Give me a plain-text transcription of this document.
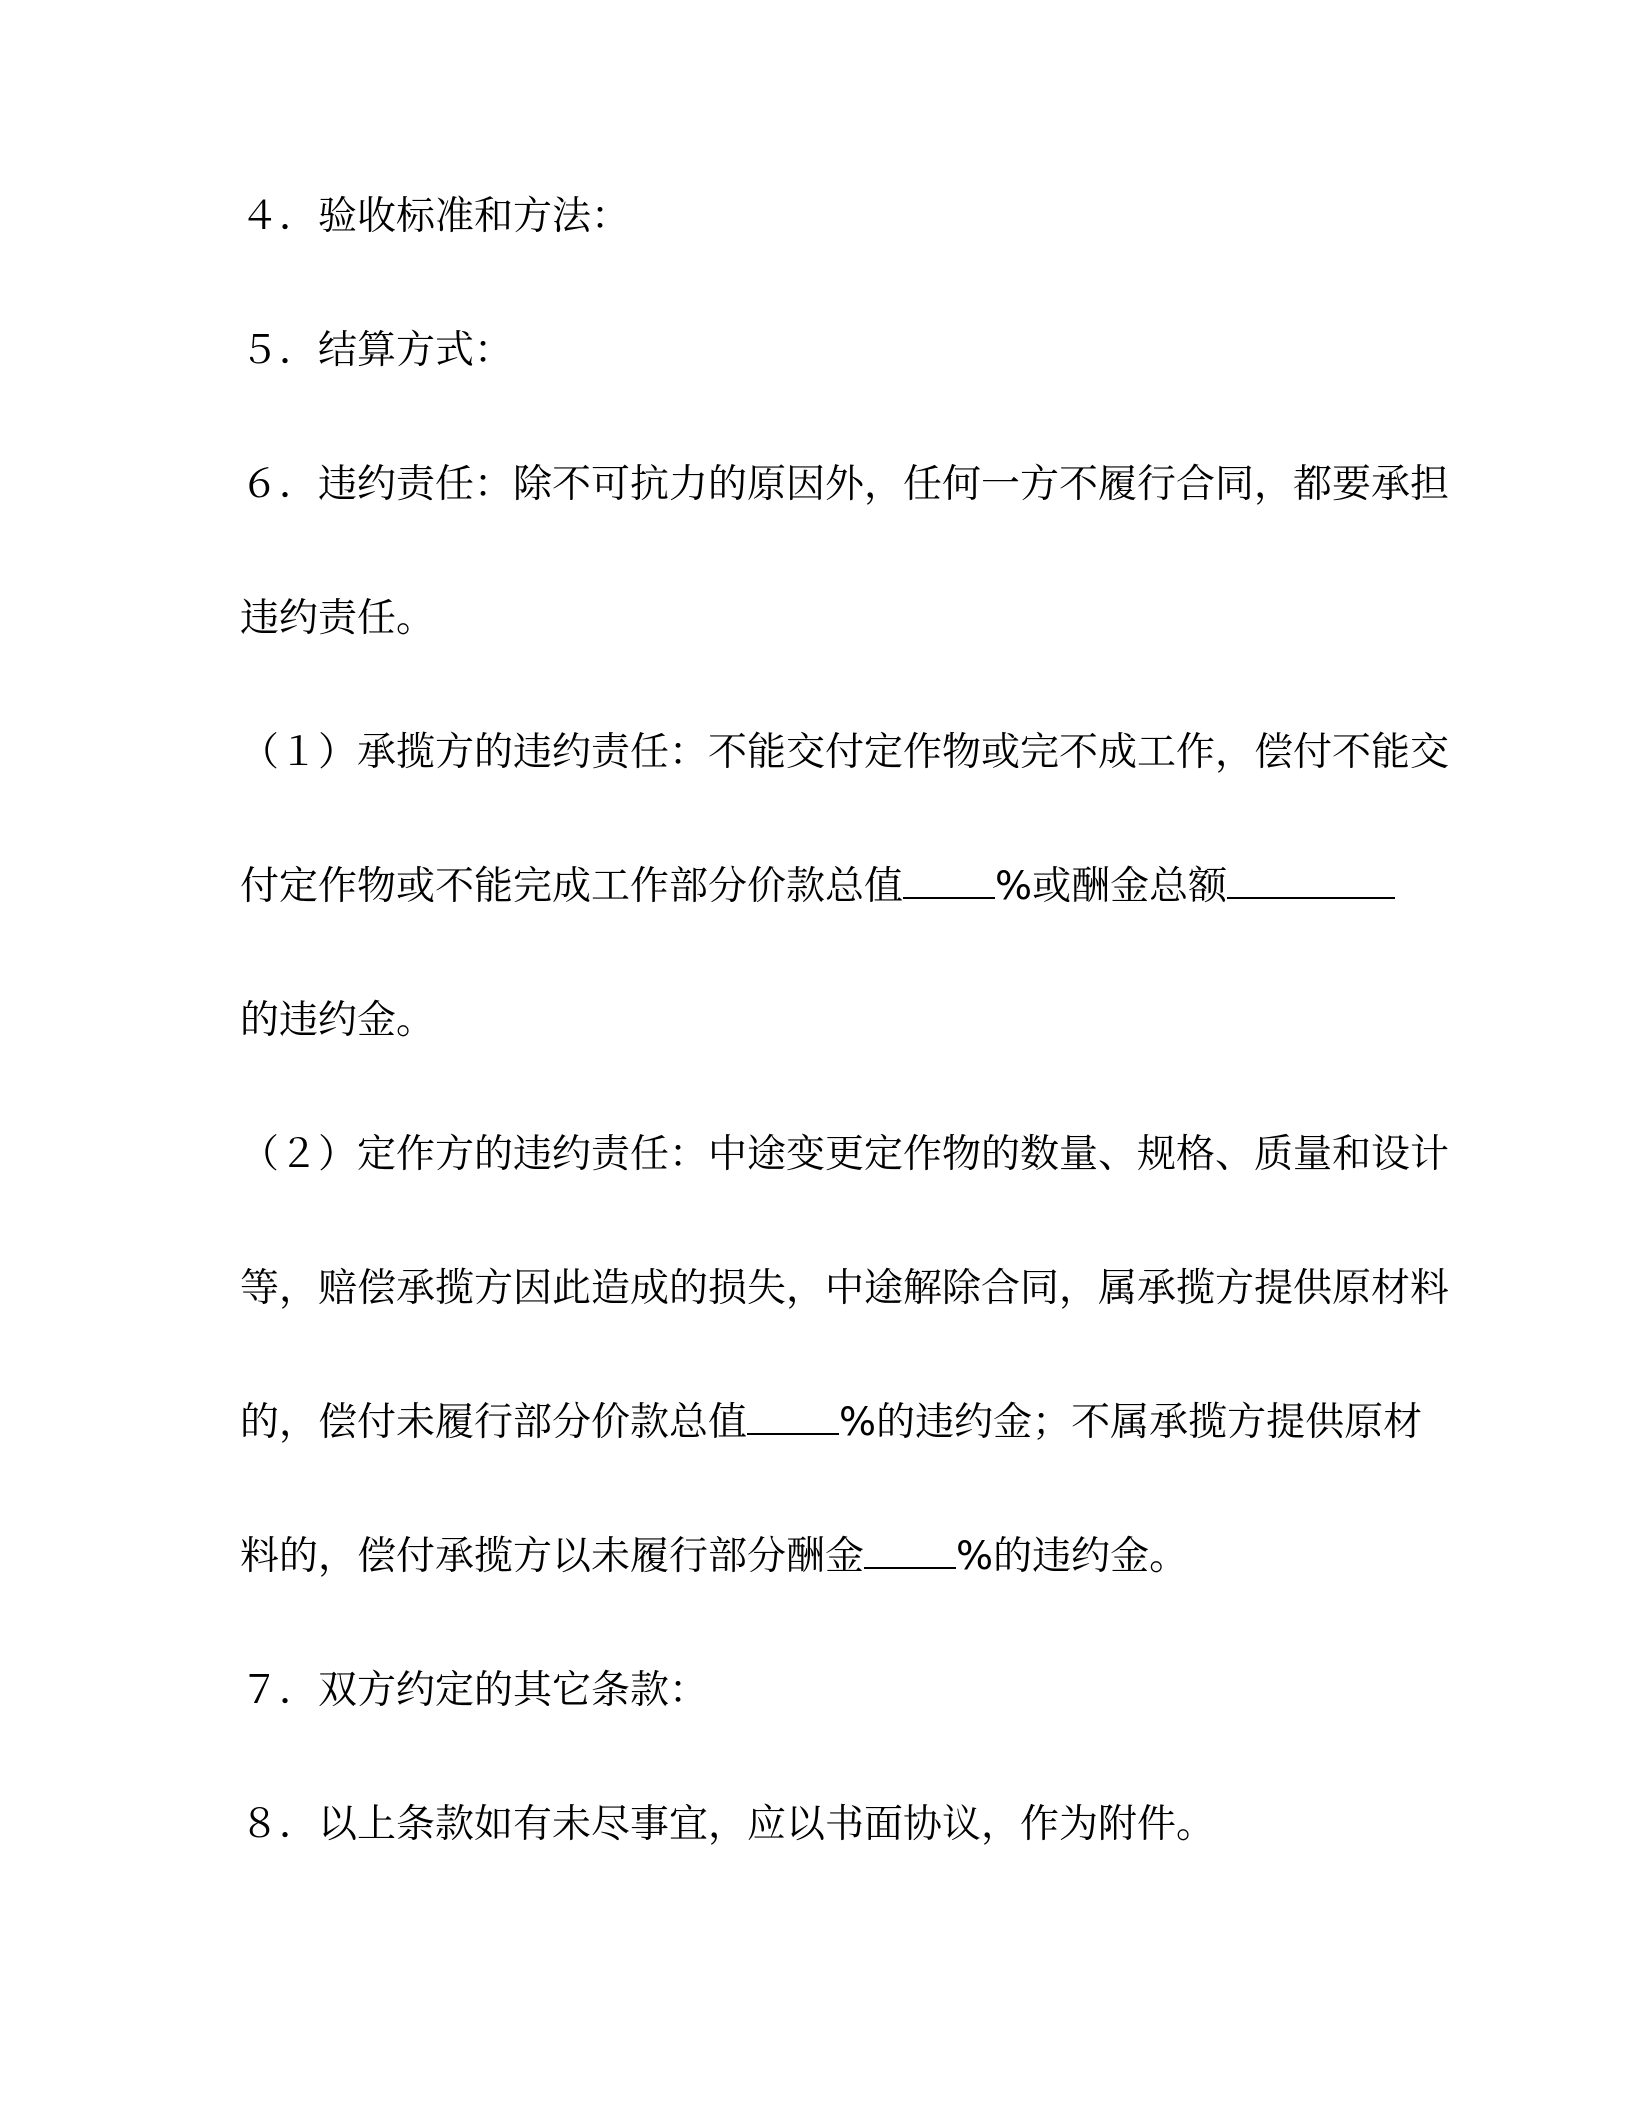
４．验收标准和方法：
５．结算方式：
６．违约责任：除不可抗力的原因外，任何一方不履行合同，都要承担
违约责任。
（１）承揽方的违约责任：不能交付定作物或完不成工作，偿付不能交
付定作物或不能完成工作部分价款总值 %或酬金总额
的违约金。
（２）定作方的违约责任：中途变更定作物的数量、规格、质量和设计
等，赔偿承揽方因此造成的损失，中途解除合同，属承揽方提供原材料
的，偿付未履行部分价款总值 %的违约金；不属承揽方提供原材
料的，偿付承揽方以未履行部分酬金 %的违约金。
７．双方约定的其它条款：
８．以上条款如有未尽事宜，应以书面协议，作为附件。
